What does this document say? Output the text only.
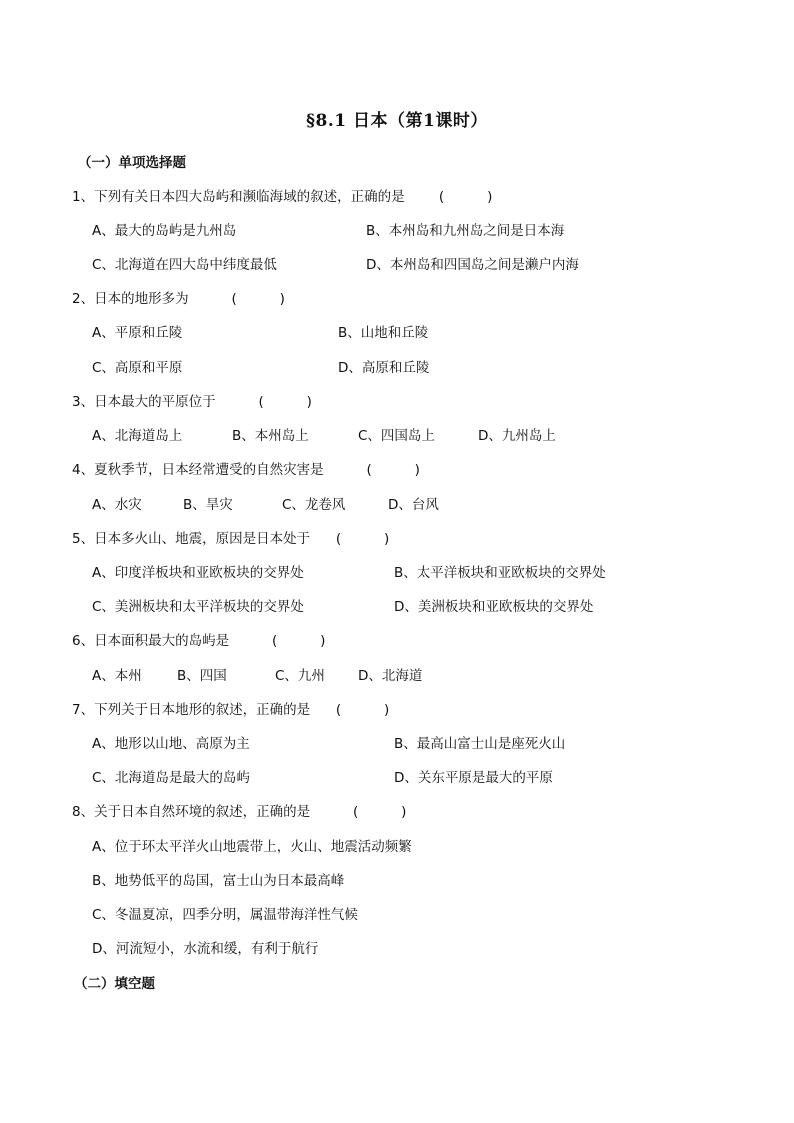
§8.1 日本（第1课时）
（一）单项选择题
1、下列有关日本四大岛屿和濒临海域的叙述，正确的是        (          )
A、最大的岛屿是九州岛	B、本州岛和九州岛之间是日本海
C、北海道在四大岛中纬度最低	D、本州岛和四国岛之间是濑户内海
2、日本的地形多为          (          )
A、平原和丘陵	B、山地和丘陵
C、高原和平原	D、高原和丘陵
3、日本最大的平原位于          (          )
A、北海道岛上	B、本州岛上	C、四国岛上	D、九州岛上
4、夏秋季节，日本经常遭受的自然灾害是          (          )
A、水灾	B、旱灾	C、龙卷风	D、台风
5、日本多火山、地震，原因是日本处于      (          )
A、印度洋板块和亚欧板块的交界处	B、太平洋板块和亚欧板块的交界处
C、美洲板块和太平洋板块的交界处	D、美洲板块和亚欧板块的交界处
6、日本面积最大的岛屿是          (          )
A、本州	B、四国	C、九州 D、北海道
7、下列关于日本地形的叙述，正确的是      (          )
A、地形以山地、高原为主	B、最高山富士山是座死火山
C、北海道岛是最大的岛屿	D、关东平原是最大的平原
8、关于日本自然环境的叙述，正确的是          (          )
A、位于环太平洋火山地震带上，火山、地震活动频繁
B、地势低平的岛国，富士山为日本最高峰
C、冬温夏凉，四季分明，属温带海洋性气候
D、河流短小，水流和缓，有利于航行
（二）填空题
